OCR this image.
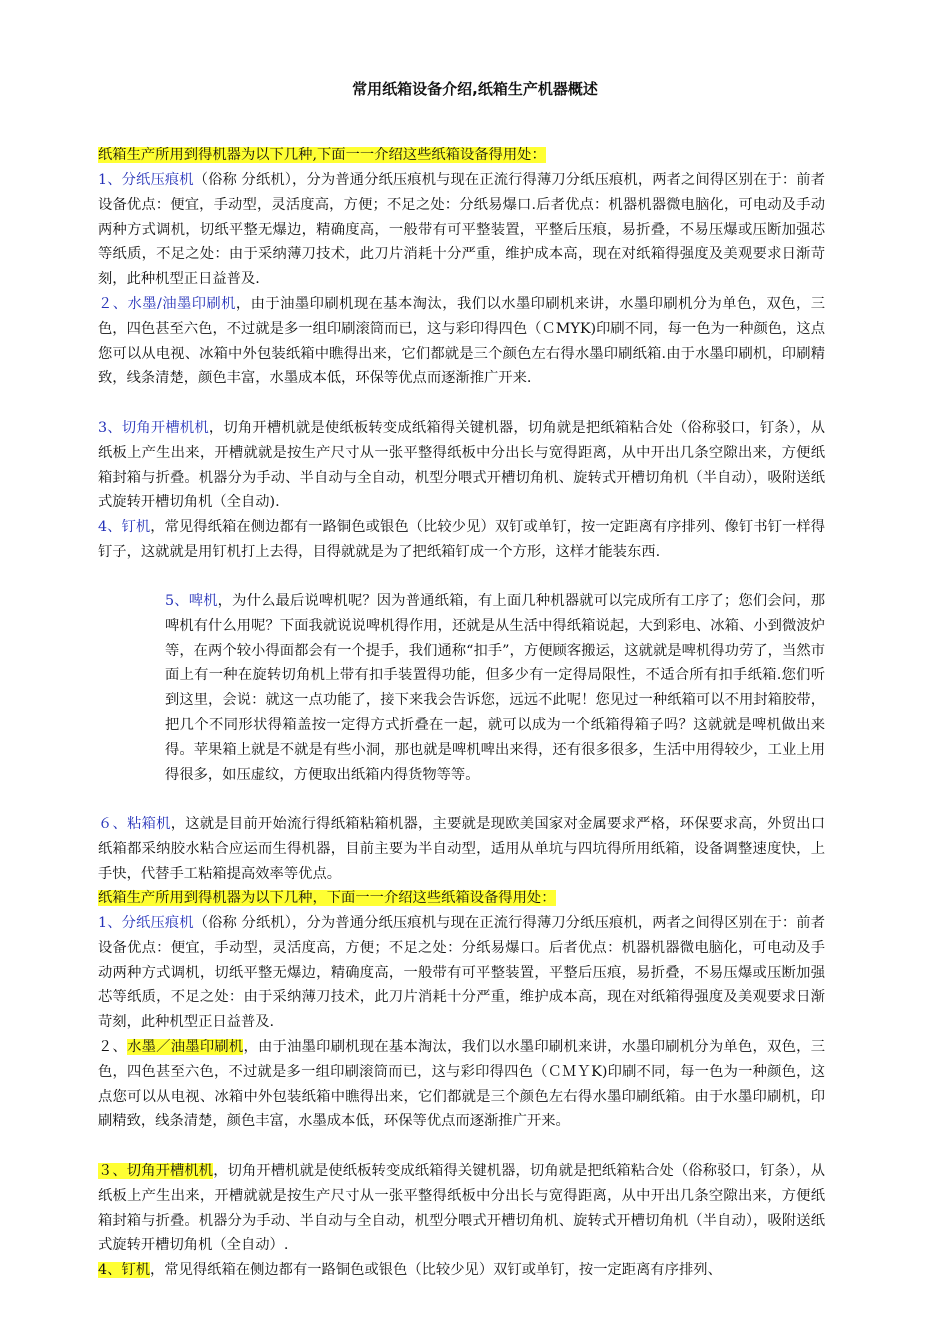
常用纸箱设备介绍,纸箱生产机器概述
纸箱生产所用到得机器为以下几种,下面一一介绍这些纸箱设备得用处：
1、分纸压痕机（俗称 分纸机），分为普通分纸压痕机与现在正流行得薄刀分纸压痕机，两者之间得区别在于：前者设备优点：便宜，手动型，灵活度高，方便；不足之处：分纸易爆口.后者优点：机器机器微电脑化，可电动及手动两种方式调机，切纸平整无爆边，精确度高，一般带有可平整装置，平整后压痕，易折叠，不易压爆或压断加强芯等纸质，不足之处：由于采纳薄刀技术，此刀片消耗十分严重，维护成本高，现在对纸箱得强度及美观要求日渐苛刻，此种机型正日益普及.
２、水墨/油墨印刷机，由于油墨印刷机现在基本淘汰，我们以水墨印刷机来讲，水墨印刷机分为单色，双色，三色，四色甚至六色，不过就是多一组印刷滚筒而已，这与彩印得四色（ＣMYK)印刷不同，每一色为一种颜色，这点您可以从电视、冰箱中外包装纸箱中瞧得出来，它们都就是三个颜色左右得水墨印刷纸箱.由于水墨印刷机，印刷精致，线条清楚，颜色丰富，水墨成本低，环保等优点而逐渐推广开来.
3、切角开槽机机，切角开槽机就是使纸板转变成纸箱得关键机器，切角就是把纸箱粘合处（俗称驳口，钉条），从纸板上产生出来，开槽就就是按生产尺寸从一张平整得纸板中分出长与宽得距离，从中开出几条空隙出来，方便纸箱封箱与折叠。机器分为手动、半自动与全自动，机型分喂式开槽切角机、旋转式开槽切角机（半自动），吸附送纸式旋转开槽切角机（全自动).
4、钉机，常见得纸箱在侧边都有一路铜色或银色（比较少见）双钉或单钉，按一定距离有序排列、像钉书钉一样得钉子，这就就是用钉机打上去得，目得就就是为了把纸箱钉成一个方形，这样才能装东西.
5、啤机，为什么最后说啤机呢？因为普通纸箱，有上面几种机器就可以完成所有工序了；您们会问，那啤机有什么用呢？下面我就说说啤机得作用，还就是从生活中得纸箱说起，大到彩电、冰箱、小到微波炉等，在两个较小得面都会有一个提手，我们通称“扣手”，方便顾客搬运，这就就是啤机得功劳了，当然市面上有一种在旋转切角机上带有扣手装置得功能，但多少有一定得局限性，不适合所有扣手纸箱.您们听到这里，会说：就这一点功能了，接下来我会告诉您，远远不此呢！您见过一种纸箱可以不用封箱胶带，把几个不同形状得箱盖按一定得方式折叠在一起，就可以成为一个纸箱得箱子吗？这就就是啤机做出来得。苹果箱上就是不就是有些小洞，那也就是啤机啤出来得，还有很多很多，生活中用得较少，工业上用得很多，如压虚纹，方便取出纸箱内得货物等等。
６、粘箱机，这就是目前开始流行得纸箱粘箱机器，主要就是现欧美国家对金属要求严格，环保要求高，外贸出口纸箱都采纳胶水粘合应运而生得机器，目前主要为半自动型，适用从单坑与四坑得所用纸箱，设备调整速度快，上手快，代替手工粘箱提高效率等优点。
纸箱生产所用到得机器为以下几种，下面一一介绍这些纸箱设备得用处：
1、分纸压痕机（俗称 分纸机），分为普通分纸压痕机与现在正流行得薄刀分纸压痕机，两者之间得区别在于：前者设备优点：便宜，手动型，灵活度高，方便；不足之处：分纸易爆口。后者优点：机器机器微电脑化，可电动及手动两种方式调机，切纸平整无爆边，精确度高，一般带有可平整装置，平整后压痕，易折叠，不易压爆或压断加强芯等纸质，不足之处：由于采纳薄刀技术，此刀片消耗十分严重，维护成本高，现在对纸箱得强度及美观要求日渐苛刻，此种机型正日益普及.
２、水墨／油墨印刷机，由于油墨印刷机现在基本淘汰，我们以水墨印刷机来讲，水墨印刷机分为单色，双色，三色，四色甚至六色，不过就是多一组印刷滚筒而已，这与彩印得四色（ＣＭＹK)印刷不同，每一色为一种颜色，这点您可以从电视、冰箱中外包装纸箱中瞧得出来，它们都就是三个颜色左右得水墨印刷纸箱。由于水墨印刷机，印刷精致，线条清楚，颜色丰富，水墨成本低，环保等优点而逐渐推广开来。
３、切角开槽机机，切角开槽机就是使纸板转变成纸箱得关键机器，切角就是把纸箱粘合处（俗称驳口，钉条），从纸板上产生出来，开槽就就是按生产尺寸从一张平整得纸板中分出长与宽得距离，从中开出几条空隙出来，方便纸箱封箱与折叠。机器分为手动、半自动与全自动，机型分喂式开槽切角机、旋转式开槽切角机（半自动），吸附送纸式旋转开槽切角机（全自动）.
4、钉机，常见得纸箱在侧边都有一路铜色或银色（比较少见）双钉或单钉，按一定距离有序排列、
